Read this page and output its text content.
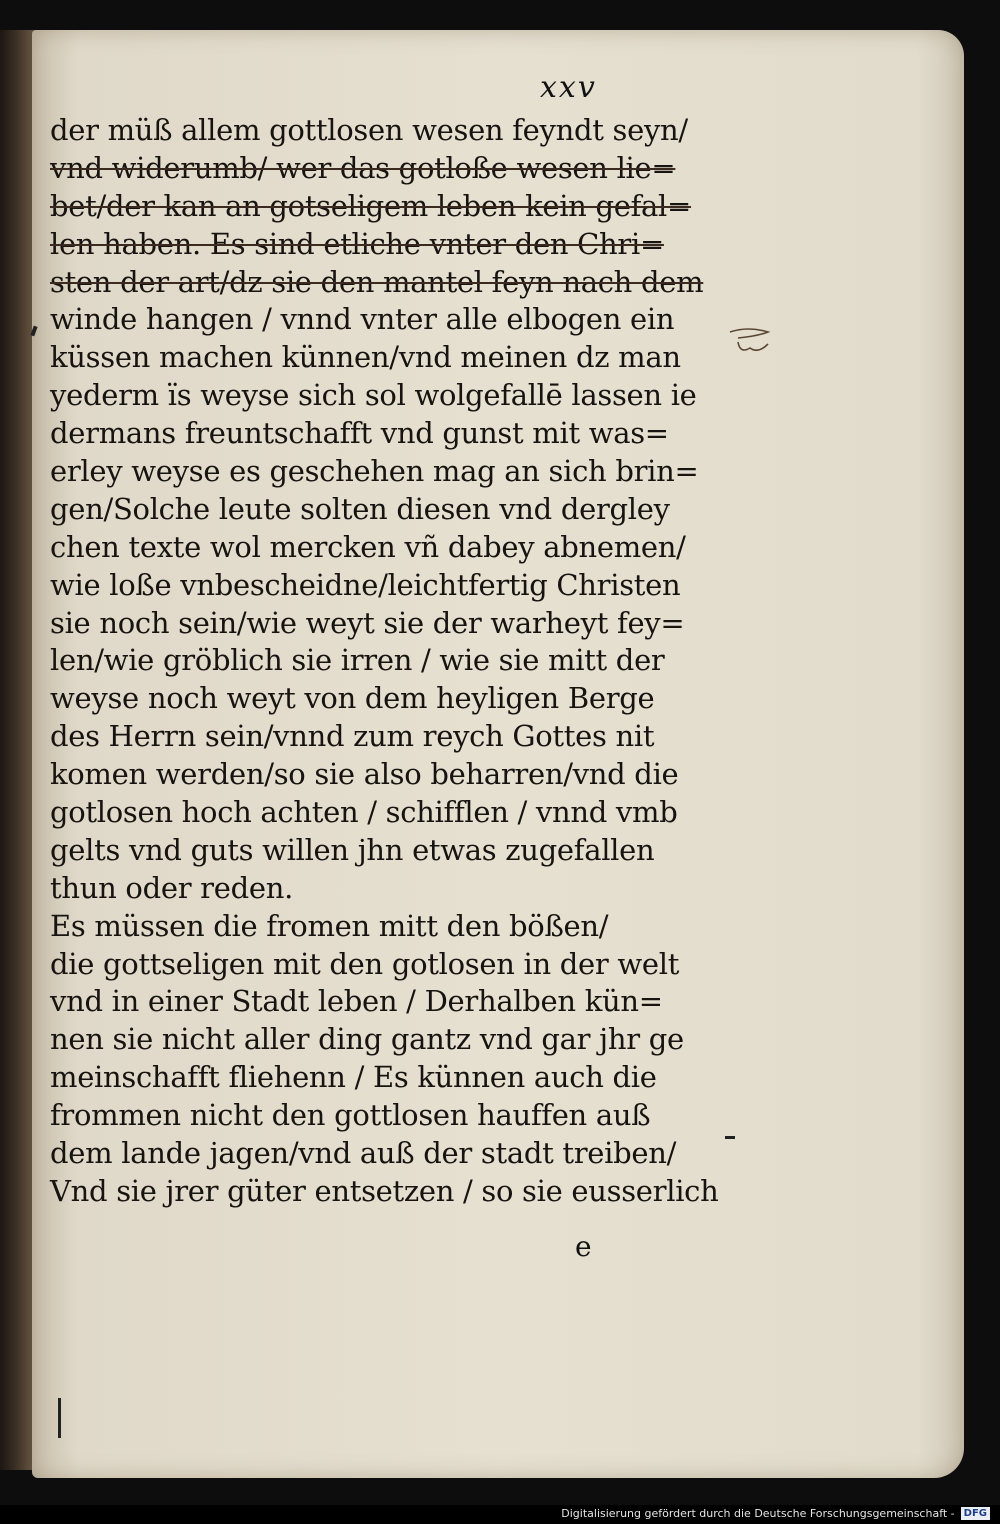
xxv
der müß allem gottlosen wesen feyndt seyn/
vnd widerumb/ wer das gotloße wesen lie=
bet/der kan an gotseligem leben kein gefal=
len haben. Es sind etliche vnter den Chri=
sten der art/dz sie den mantel feyn nach dem
winde hangen / vnnd vnter alle elbogen ein
küssen machen künnen/vnd meinen dz man
yederm ïs weyse sich sol wolgefallē lassen ie
dermans freuntschafft vnd gunst mit was=
erley weyse es geschehen mag an sich brin=
gen/Solche leute solten diesen vnd dergley
chen texte wol mercken vñ dabey abnemen/
wie loße vnbescheidne/leichtfertig Christen
sie noch sein/wie weyt sie der warheyt fey=
len/wie gröblich sie irren / wie sie mitt der
weyse noch weyt von dem heyligen Berge
des Herrn sein/vnnd zum reych Gottes nit
komen werden/so sie also beharren/vnd die
gotlosen hoch achten / schifflen / vnnd vmb
gelts vnd guts willen jhn etwas zugefallen
thun oder reden.
Es müssen die fromen mitt den bößen/
die gottseligen mit den gotlosen in der welt
vnd in einer Stadt leben / Derhalben kün=
nen sie nicht aller ding gantz vnd gar jhr ge
meinschafft fliehenn / Es künnen auch die
frommen nicht den gottlosen hauffen auß
dem lande jagen/vnd auß der stadt treiben/
Vnd sie jrer güter entsetzen / so sie eusserlich
e
Digitalisierung gefördert durch die Deutsche Forschungsgemeinschaft - DFG
